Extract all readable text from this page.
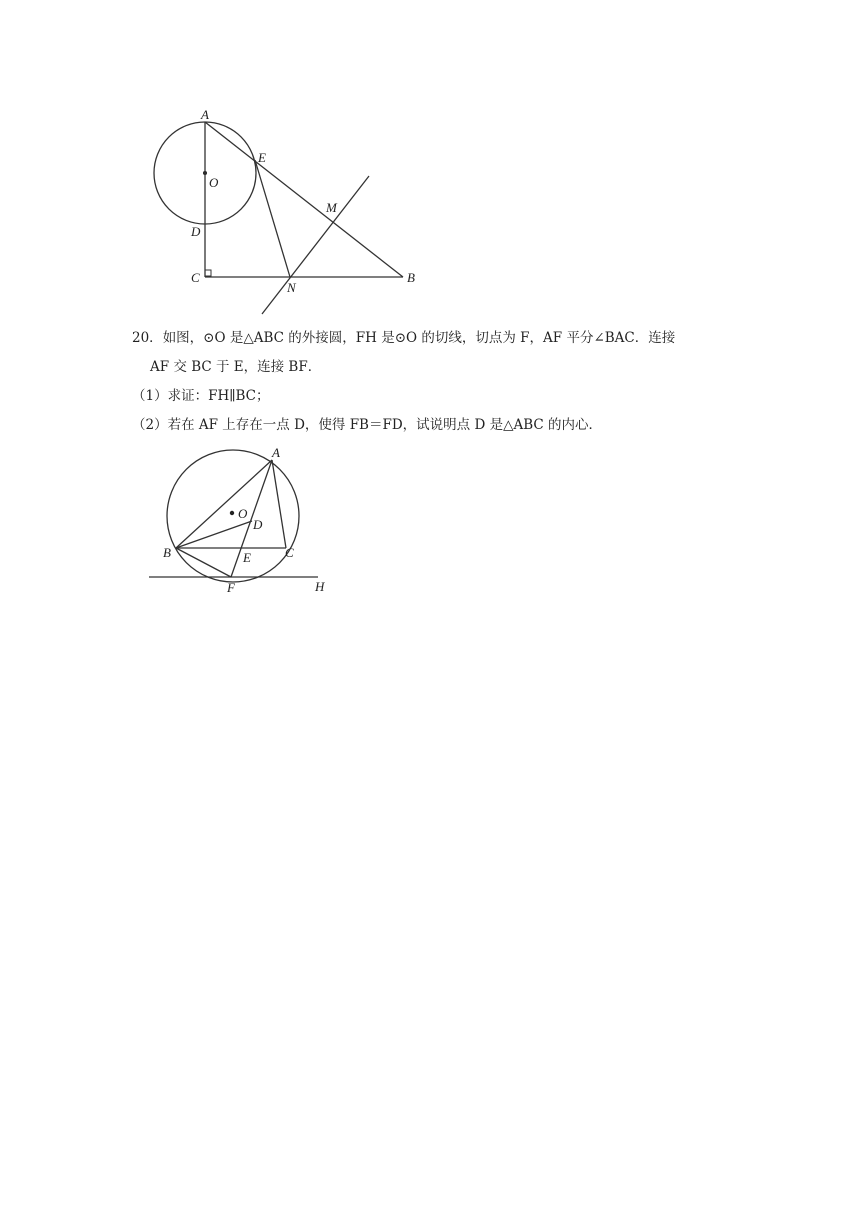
A
O
E
M
D
C
N
B

20．如图，⊙O 是△ABC 的外接圆，FH 是⊙O 的切线，切点为 F，AF 平分∠BAC．连接

AF 交 BC 于 E，连接 BF．

（1）求证：FH∥BC；

（2）若在 AF 上存在一点 D，使得 FB＝FD，试说明点 D 是△ABC 的内心．

A
O
D
B	E	C
F	H
